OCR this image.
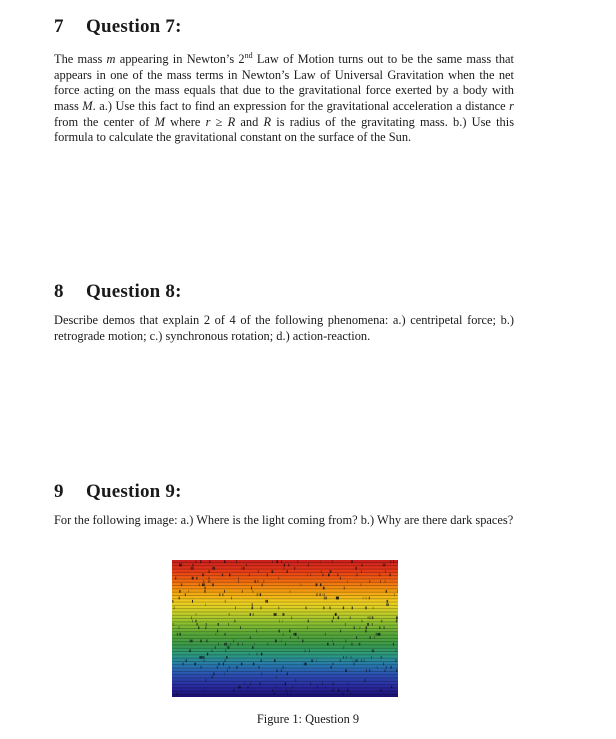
7 Question 7:

The mass m appearing in Newton’s 2nd Law of Motion turns out to be the same mass that appears in one of the mass terms in Newton’s Law of Universal Gravitation when the net force acting on the mass equals that due to the gravitational force exerted by a body with mass M. a.) Use this fact to find an expression for the gravitational acceleration a distance r from the center of M where r ≥ R and R is radius of the gravitating mass. b.) Use this formula to calculate the gravitational constant on the surface of the Sun.

8 Question 8:

Describe demos that explain 2 of 4 of the following phenomena: a.) centripetal force; b.) retrograde motion; c.) synchronous rotation; d.) action-reaction.

9 Question 9:

For the following image: a.) Where is the light coming from? b.) Why are there dark spaces?

Figure 1: Question 9
